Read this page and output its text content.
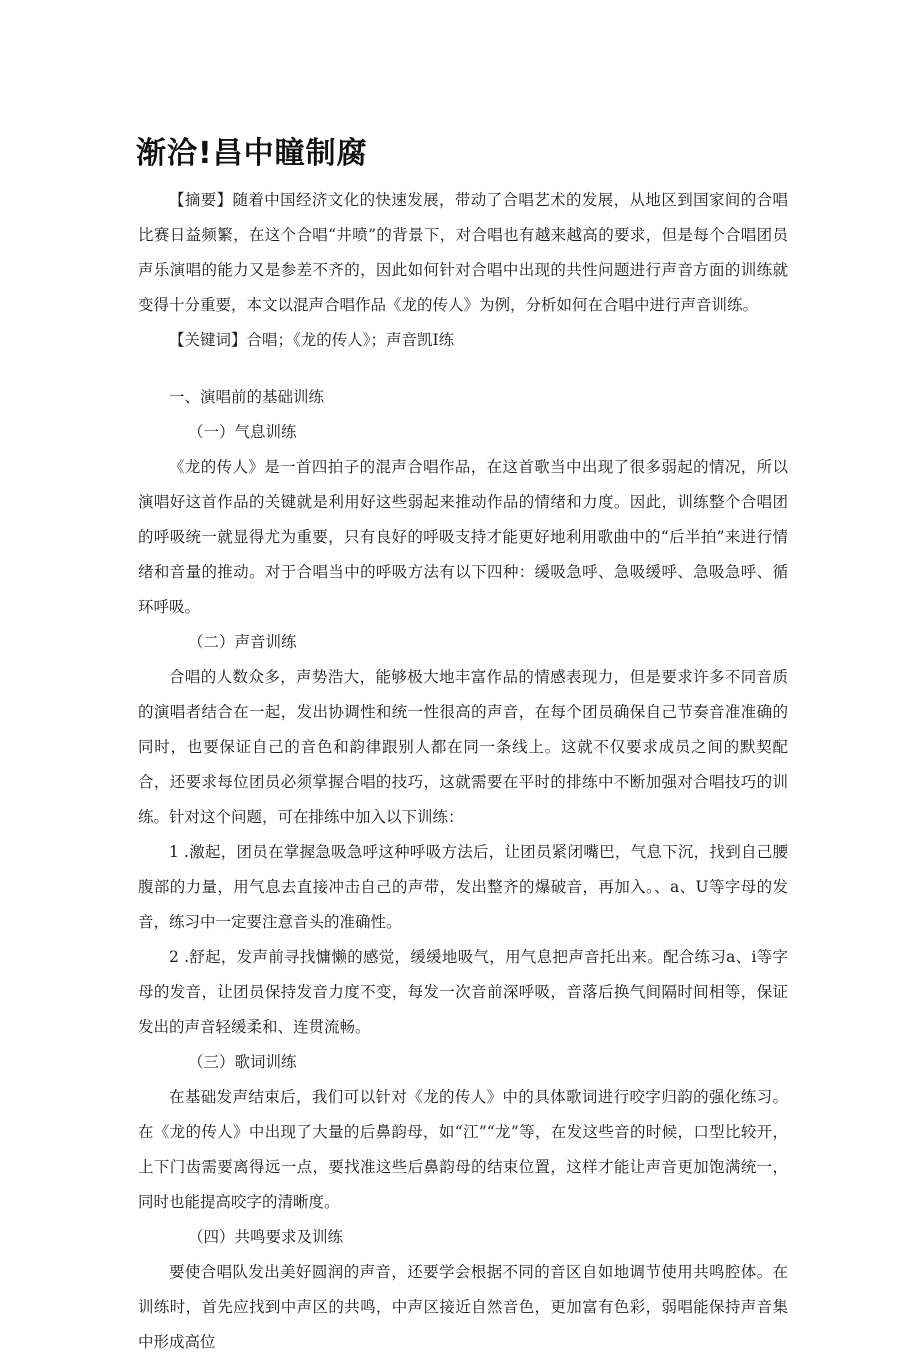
渐洽!昌中瞳制腐

【摘要】随着中国经济文化的快速发展，带动了合唱艺术的发展，从地区到国家间的合唱比赛日益频繁，在这个合唱“井喷”的背景下，对合唱也有越来越高的要求，但是每个合唱团员声乐演唱的能力又是参差不齐的，因此如何针对合唱中出现的共性问题进行声音方面的训练就变得十分重要，本文以混声合唱作品《龙的传人》为例，分析如何在合唱中进行声音训练。

【关键词】合唱；《龙的传人》；声音凯I练

一、演唱前的基础训练

（一）气息训练

《龙的传人》是一首四拍子的混声合唱作品，在这首歌当中出现了很多弱起的情况，所以演唱好这首作品的关键就是利用好这些弱起来推动作品的情绪和力度。因此，训练整个合唱团的呼吸统一就显得尤为重要，只有良好的呼吸支持才能更好地利用歌曲中的“后半拍”来进行情绪和音量的推动。对于合唱当中的呼吸方法有以下四种：缓吸急呼、急吸缓呼、急吸急呼、循环呼吸。

（二）声音训练

合唱的人数众多，声势浩大，能够极大地丰富作品的情感表现力，但是要求许多不同音质的演唱者结合在一起，发出协调性和统一性很高的声音，在每个团员确保自己节奏音准准确的同时，也要保证自己的音色和韵律跟别人都在同一条线上。这就不仅要求成员之间的默契配合，还要求每位团员必须掌握合唱的技巧，这就需要在平时的排练中不断加强对合唱技巧的训练。针对这个问题，可在排练中加入以下训练：

1 .激起，团员在掌握急吸急呼这种呼吸方法后，让团员紧闭嘴巴，气息下沉，找到自己腰腹部的力量，用气息去直接冲击自己的声带，发出整齐的爆破音，再加入。、a、U等字母的发音，练习中一定要注意音头的准确性。

2 .舒起，发声前寻找慵懒的感觉，缓缓地吸气，用气息把声音托出来。配合练习a、i等字母的发音，让团员保持发音力度不变，每发一次音前深呼吸，音落后换气间隔时间相等，保证发出的声音轻缓柔和、连贯流畅。

（三）歌词训练

在基础发声结束后，我们可以针对《龙的传人》中的具体歌词进行咬字归韵的强化练习。在《龙的传人》中出现了大量的后鼻韵母，如“江”“龙”等，在发这些音的时候，口型比较开，上下门齿需要离得远一点，要找准这些后鼻韵母的结束位置，这样才能让声音更加饱满统一，同时也能提高咬字的清晰度。

（四）共鸣要求及训练

要使合唱队发出美好圆润的声音，还要学会根据不同的音区自如地调节使用共鸣腔体。在训练时，首先应找到中声区的共鸣，中声区接近自然音色，更加富有色彩，弱唱能保持声音集中形成高位
